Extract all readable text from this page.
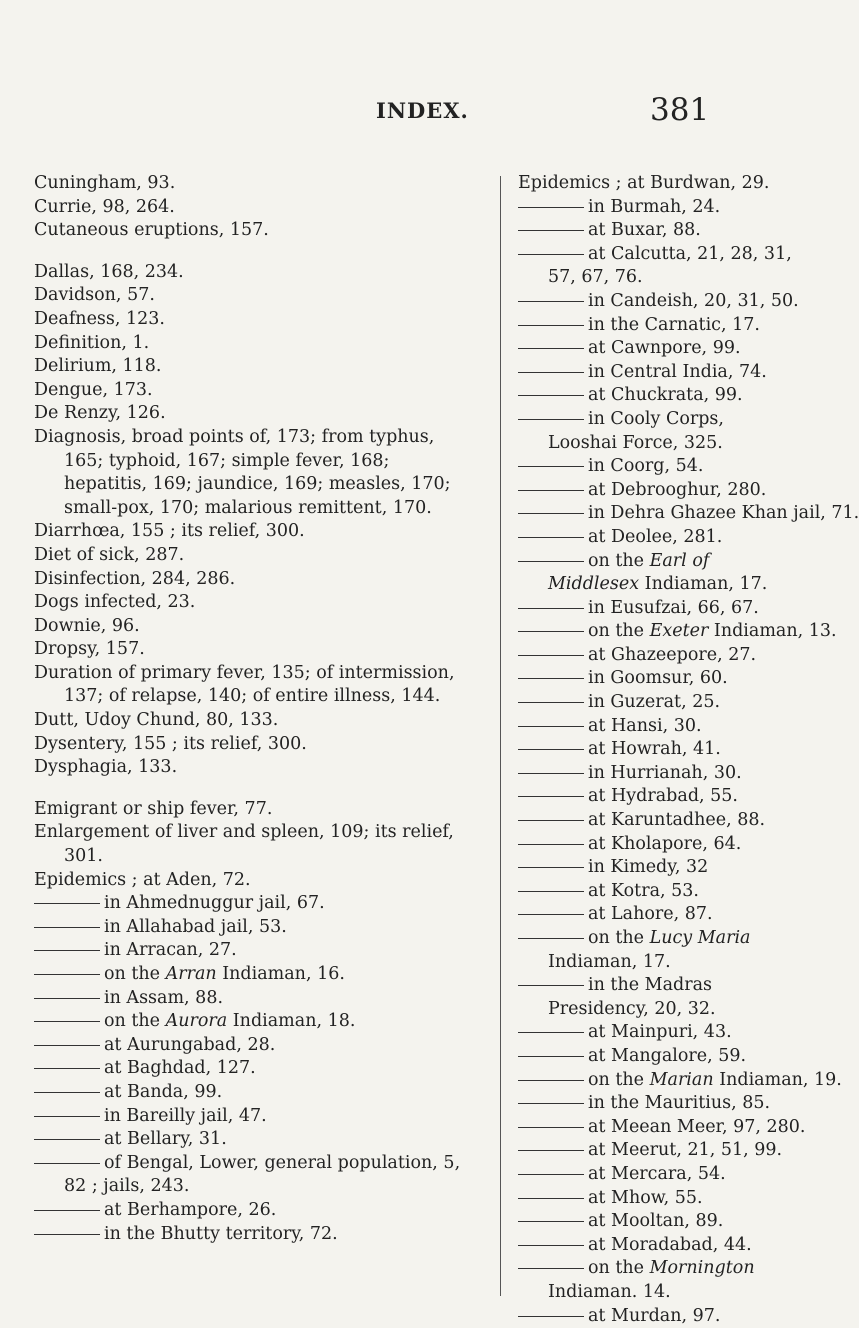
INDEX.	381
Cuningham, 93.
Currie, 98, 264.
Cutaneous eruptions, 157.
Dallas, 168, 234.
Davidson, 57.
Deafness, 123.
Definition, 1.
Delirium, 118.
Dengue, 173.
De Renzy, 126.
Diagnosis, broad points of, 173; from typhus, 165; typhoid, 167; simple fever, 168; hepatitis, 169; jaundice, 169; measles, 170; small-pox, 170; malarious remittent, 170.
Diarrhœa, 155 ; its relief, 300.
Diet of sick, 287.
Disinfection, 284, 286.
Dogs infected, 23.
Downie, 96.
Dropsy, 157.
Duration of primary fever, 135; of intermission, 137; of relapse, 140; of entire illness, 144.
Dutt, Udoy Chund, 80, 133.
Dysentery, 155 ; its relief, 300.
Dysphagia, 133.
Emigrant or ship fever, 77.
Enlargement of liver and spleen, 109; its relief, 301.
Epidemics ; at Aden, 72.
in Ahmednuggur jail, 67.
in Allahabad jail, 53.
in Arracan, 27.
on the Arran Indiaman, 16.
in Assam, 88.
on the Aurora Indiaman, 18.
at Aurungabad, 28.
at Baghdad, 127.
at Banda, 99.
in Bareilly jail, 47.
at Bellary, 31.
of Bengal, Lower, general population, 5, 82 ; jails, 243.
at Berhampore, 26.
in the Bhutty territory, 72.
Epidemics ; at Burdwan, 29.
in Burmah, 24.
at Buxar, 88.
at Calcutta, 21, 28, 31, 57, 67, 76.
in Candeish, 20, 31, 50.
in the Carnatic, 17.
at Cawnpore, 99.
in Central India, 74.
at Chuckrata, 99.
in Cooly Corps, Looshai Force, 325.
in Coorg, 54.
at Debrooghur, 280.
in Dehra Ghazee Khan jail, 71.
at Deolee, 281.
on the Earl of Middlesex Indiaman, 17.
in Eusufzai, 66, 67.
on the Exeter Indiaman, 13.
at Ghazeepore, 27.
in Goomsur, 60.
in Guzerat, 25.
at Hansi, 30.
at Howrah, 41.
in Hurrianah, 30.
at Hydrabad, 55.
at Karuntadhee, 88.
at Kholapore, 64.
in Kimedy, 32
at Kotra, 53.
at Lahore, 87.
on the Lucy Maria Indiaman, 17.
in the Madras Presidency, 20, 32.
at Mainpuri, 43.
at Mangalore, 59.
on the Marian Indiaman, 19.
in the Mauritius, 85.
at Meean Meer, 97, 280.
at Meerut, 21, 51, 99.
at Mercara, 54.
at Mhow, 55.
at Mooltan, 89.
at Moradabad, 44.
on the Mornington Indiaman. 14.
at Murdan, 97.
